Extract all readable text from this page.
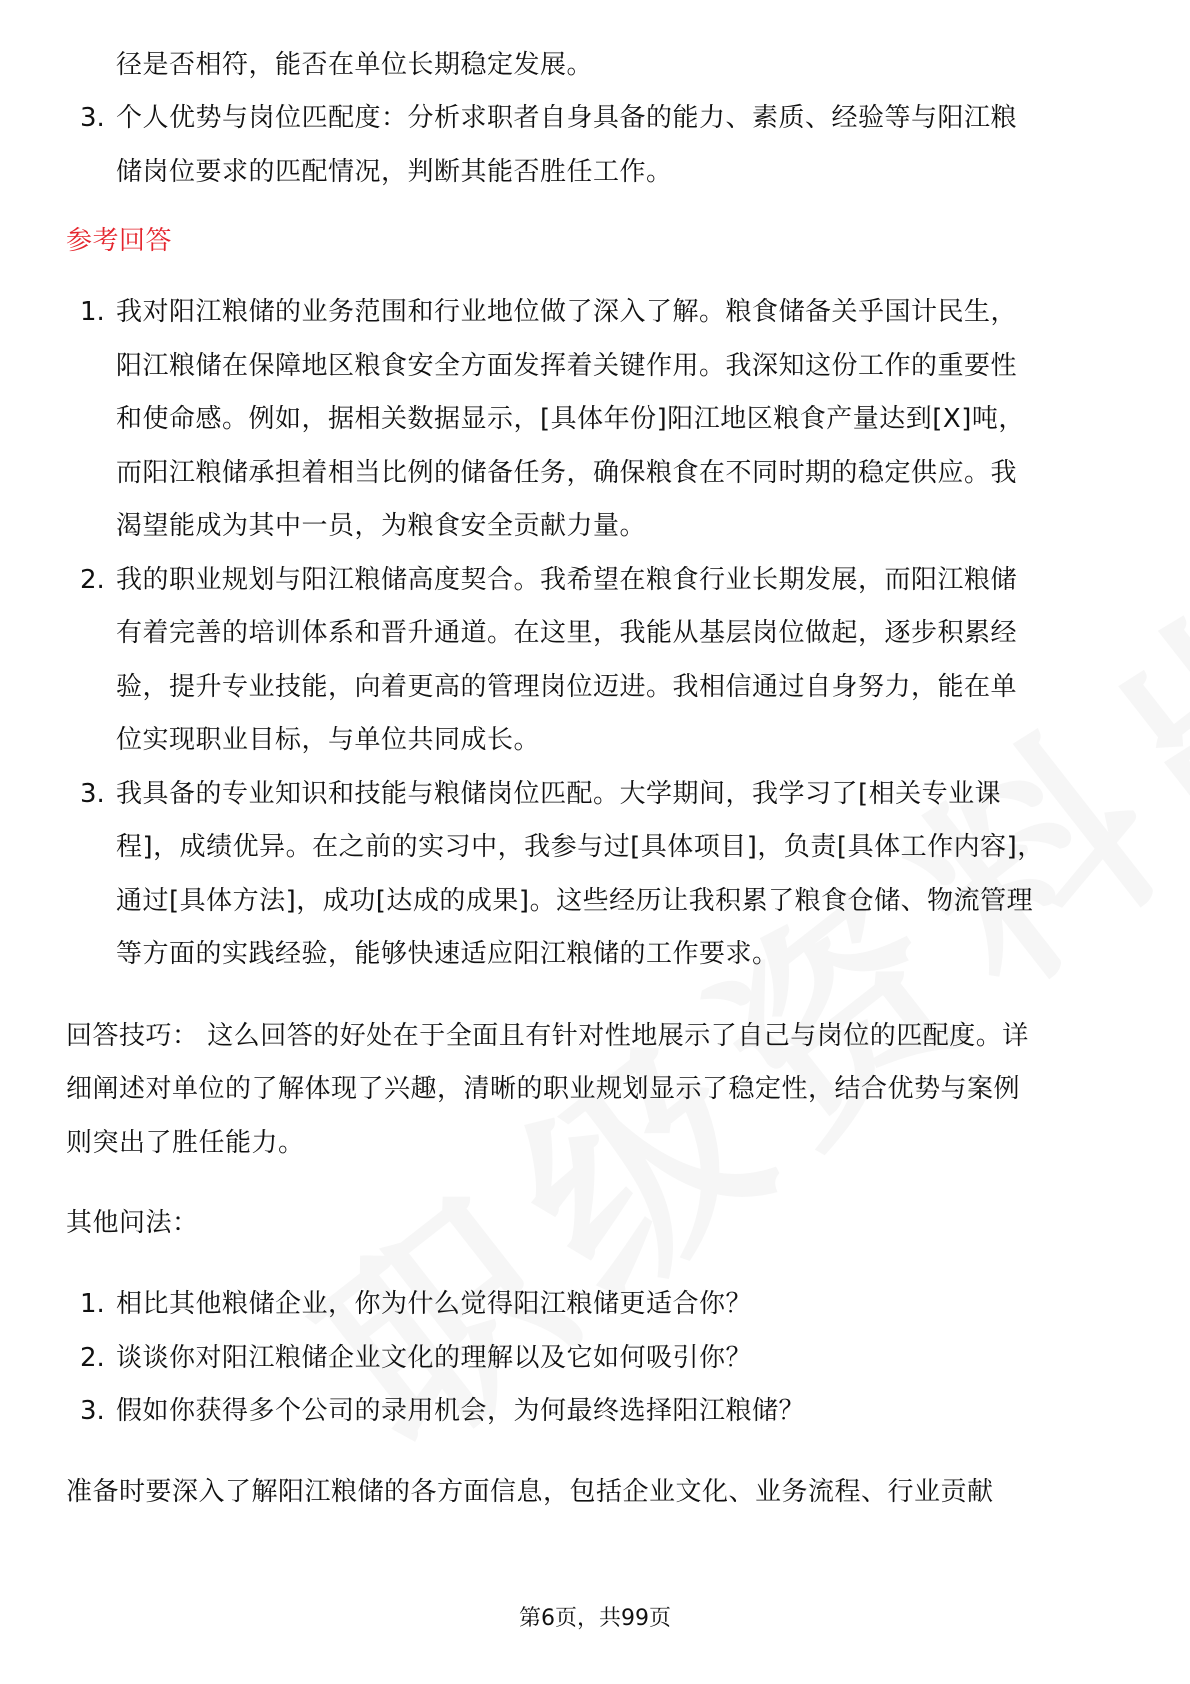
径是否相符，能否在单位长期稳定发展。
3. 个人优势与岗位匹配度：分析求职者自身具备的能力、素质、经验等与阳江粮
储岗位要求的匹配情况，判断其能否胜任工作。
参考回答
1. 我对阳江粮储的业务范围和行业地位做了深入了解。粮食储备关乎国计民生，
阳江粮储在保障地区粮食安全方面发挥着关键作用。我深知这份工作的重要性
和使命感。例如，据相关数据显示，[具体年份]阳江地区粮食产量达到[X]吨，
而阳江粮储承担着相当比例的储备任务，确保粮食在不同时期的稳定供应。我
渴望能成为其中一员，为粮食安全贡献力量。
2. 我的职业规划与阳江粮储高度契合。我希望在粮食行业长期发展，而阳江粮储
有着完善的培训体系和晋升通道。在这里，我能从基层岗位做起，逐步积累经
验，提升专业技能，向着更高的管理岗位迈进。我相信通过自身努力，能在单
位实现职业目标，与单位共同成长。
3. 我具备的专业知识和技能与粮储岗位匹配。大学期间，我学习了[相关专业课
程]，成绩优异。在之前的实习中，我参与过[具体项目]，负责[具体工作内容]，
通过[具体方法]，成功[达成的成果]。这些经历让我积累了粮食仓储、物流管理
等方面的实践经验，能够快速适应阳江粮储的工作要求。
回答技巧： 这么回答的好处在于全面且有针对性地展示了自己与岗位的匹配度。详
细阐述对单位的了解体现了兴趣，清晰的职业规划显示了稳定性，结合优势与案例
则突出了胜任能力。
其他问法：
1. 相比其他粮储企业，你为什么觉得阳江粮储更适合你？
2. 谈谈你对阳江粮储企业文化的理解以及它如何吸引你？
3. 假如你获得多个公司的录用机会，为何最终选择阳江粮储？
准备时要深入了解阳江粮储的各方面信息，包括企业文化、业务流程、行业贡献
第6页，共99页
